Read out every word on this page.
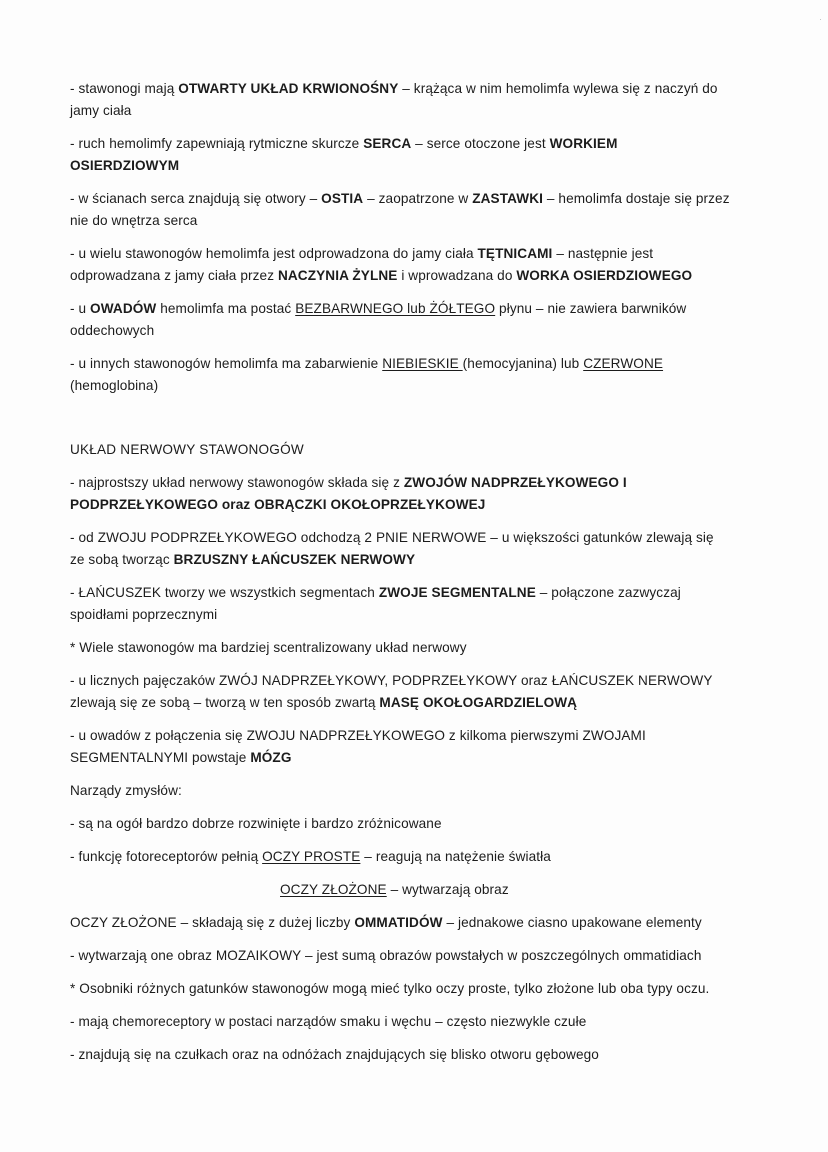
·

- stawonogi mają OTWARTY UKŁAD KRWIONOŚNY – krążąca w nim hemolimfa wylewa się z naczyń do jamy ciała

- ruch hemolimfy zapewniają rytmiczne skurcze SERCA – serce otoczone jest WORKIEM OSIERDZIOWYM

- w ścianach serca znajdują się otwory – OSTIA – zaopatrzone w ZASTAWKI – hemolimfa dostaje się przez nie do wnętrza serca

- u wielu stawonogów hemolimfa jest odprowadzona do jamy ciała TĘTNICAMI – następnie jest odprowadzana z jamy ciała przez NACZYNIA ŻYLNE i wprowadzana do WORKA OSIERDZIOWEGO

- u OWADÓW hemolimfa ma postać BEZBARWNEGO lub ŻÓŁTEGO płynu – nie zawiera barwników oddechowych

- u innych stawonogów hemolimfa ma zabarwienie NIEBIESKIE (hemocyjanina) lub CZERWONE (hemoglobina)

UKŁAD NERWOWY STAWONOGÓW

- najprostszy układ nerwowy stawonogów składa się z ZWOJÓW NADPRZEŁYKOWEGO I PODPRZEŁYKOWEGO oraz OBRĄCZKI OKOŁOPRZEŁYKOWEJ

- od ZWOJU PODPRZEŁYKOWEGO odchodzą 2 PNIE NERWOWE – u większości gatunków zlewają się ze sobą tworząc BRZUSZNY ŁAŃCUSZEK NERWOWY

- ŁAŃCUSZEK tworzy we wszystkich segmentach ZWOJE SEGMENTALNE – połączone zazwyczaj spoidłami poprzecznymi

* Wiele stawonogów ma bardziej scentralizowany układ nerwowy

- u licznych pajęczaków ZWÓJ NADPRZEŁYKOWY, PODPRZEŁYKOWY oraz ŁAŃCUSZEK NERWOWY zlewają się ze sobą – tworzą w ten sposób zwartą MASĘ OKOŁOGARDZIELOWĄ

- u owadów z połączenia się ZWOJU NADPRZEŁYKOWEGO z kilkoma pierwszymi ZWOJAMI SEGMENTALNYMI powstaje MÓZG

Narządy zmysłów:

- są na ogół bardzo dobrze rozwinięte i bardzo zróżnicowane

- funkcję fotoreceptorów pełnią OCZY PROSTE – reagują na natężenie światła

OCZY ZŁOŻONE – wytwarzają obraz

OCZY ZŁOŻONE – składają się z dużej liczby OMMATIDÓW – jednakowe ciasno upakowane elementy

- wytwarzają one obraz MOZAIKOWY – jest sumą obrazów powstałych w poszczególnych ommatidiach

* Osobniki różnych gatunków stawonogów mogą mieć tylko oczy proste, tylko złożone lub oba typy oczu.

- mają chemoreceptory w postaci narządów smaku i węchu – często niezwykle czułe

- znajdują się na czułkach oraz na odnóżach znajdujących się blisko otworu gębowego
